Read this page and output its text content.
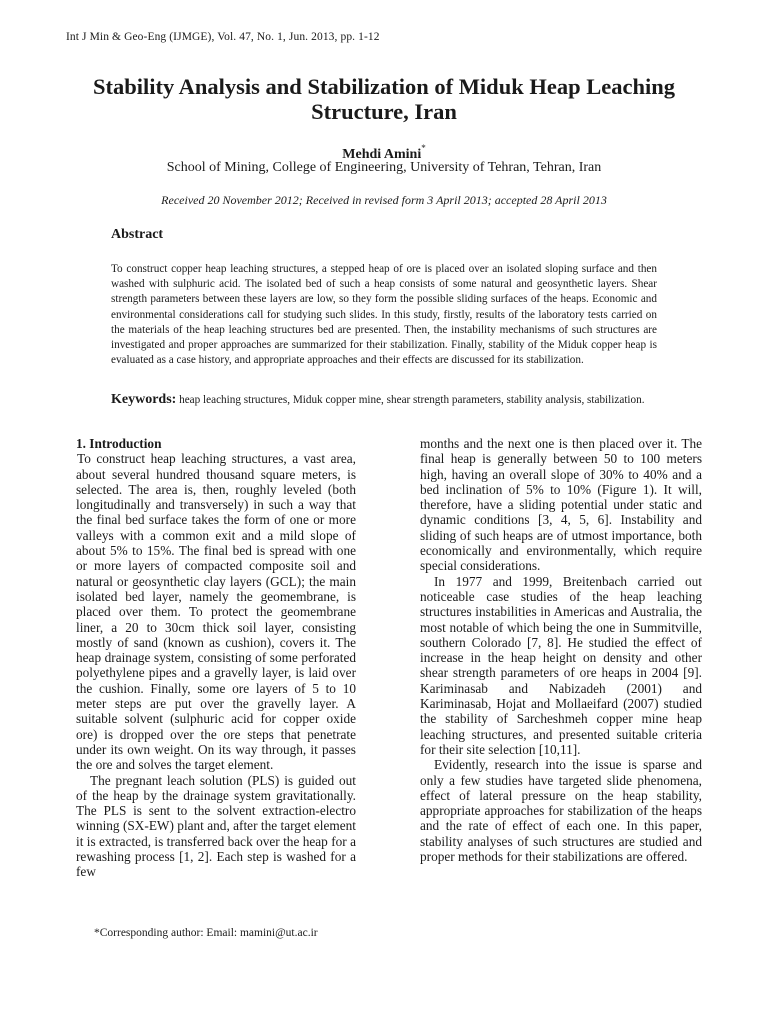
Int J Min & Geo-Eng (IJMGE), Vol. 47, No. 1, Jun. 2013, pp. 1-12
Stability Analysis and Stabilization of Miduk Heap Leaching Structure, Iran
Mehdi Amini*
School of Mining, College of Engineering, University of Tehran, Tehran, Iran
Received 20 November 2012; Received in revised form 3 April 2013; accepted 28 April 2013
Abstract

To construct copper heap leaching structures, a stepped heap of ore is placed over an isolated sloping surface and then washed with sulphuric acid. The isolated bed of such a heap consists of some natural and geosynthetic layers. Shear strength parameters between these layers are low, so they form the possible sliding surfaces of the heaps. Economic and environmental considerations call for studying such slides. In this study, firstly, results of the laboratory tests carried on the materials of the heap leaching structures bed are presented. Then, the instability mechanisms of such structures are investigated and proper approaches are summarized for their stabilization. Finally, stability of the Miduk copper heap is evaluated as a case history, and appropriate approaches and their effects are discussed for its stabilization.

Keywords: heap leaching structures, Miduk copper mine, shear strength parameters, stability analysis, stabilization.

1. Introduction

To construct heap leaching structures, a vast area, about several hundred thousand square meters, is selected. The area is, then, roughly leveled (both longitudinally and transversely) in such a way that the final bed surface takes the form of one or more valleys with a common exit and a mild slope of about 5% to 15%. The final bed is spread with one or more layers of compacted composite soil and natural or geosynthetic clay layers (GCL); the main isolated bed layer, namely the geomembrane, is placed over them. To protect the geomembrane liner, a 20 to 30cm thick soil layer, consisting mostly of sand (known as cushion), covers it. The heap drainage system, consisting of some perforated polyethylene pipes and a gravelly layer, is laid over the cushion. Finally, some ore layers of 5 to 10 meter steps are put over the gravelly layer. A suitable solvent (sulphuric acid for copper oxide ore) is dropped over the ore steps that penetrate under its own weight. On its way through, it passes the ore and solves the target element.

The pregnant leach solution (PLS) is guided out of the heap by the drainage system gravitationally. The PLS is sent to the solvent extraction-electro winning (SX-EW) plant and, after the target element it is extracted, is transferred back over the heap for a rewashing process [1, 2]. Each step is washed for a few

months and the next one is then placed over it. The final heap is generally between 50 to 100 meters high, having an overall slope of 30% to 40% and a bed inclination of 5% to 10% (Figure 1). It will, therefore, have a sliding potential under static and dynamic conditions [3, 4, 5, 6]. Instability and sliding of such heaps are of utmost importance, both economically and environmentally, which require special considerations.

In 1977 and 1999, Breitenbach carried out noticeable case studies of the heap leaching structures instabilities in Americas and Australia, the most notable of which being the one in Summitville, southern Colorado [7, 8]. He studied the effect of increase in the heap height on density and other shear strength parameters of ore heaps in 2004 [9]. Kariminasab and Nabizadeh (2001) and Kariminasab, Hojat and Mollaeifard (2007) studied the stability of Sarcheshmeh copper mine heap leaching structures, and presented suitable criteria for their site selection [10,11].

Evidently, research into the issue is sparse and only a few studies have targeted slide phenomena, effect of lateral pressure on the heap stability, appropriate approaches for stabilization of the heaps and the rate of effect of each one. In this paper, stability analyses of such structures are studied and proper methods for their stabilizations are offered.

*Corresponding author: Email: mamini@ut.ac.ir
